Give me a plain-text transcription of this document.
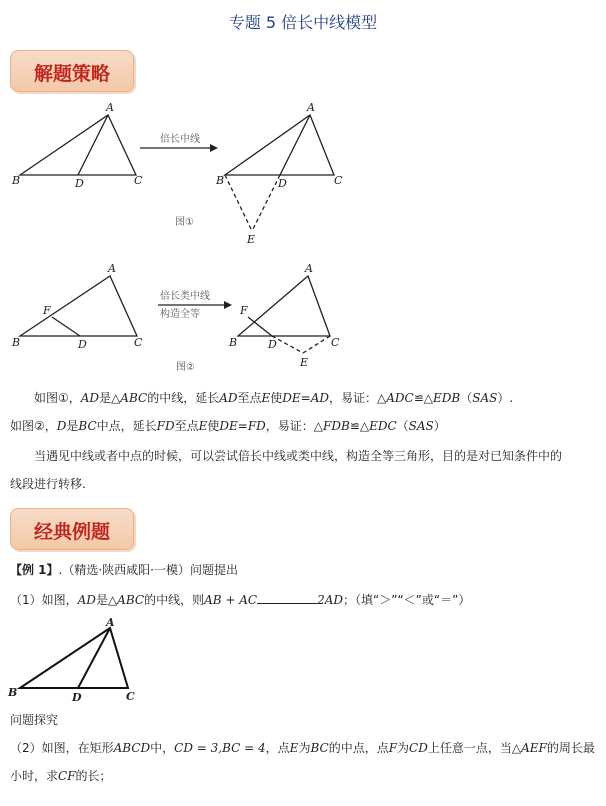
专题 5 倍长中线模型
解题策略
倍长中线
A
B	D	C
A
B	D	C
E
图①
倍长类中线
构造全等
A
F
B	D	C
A
F
B	D	C
E
图②
如图①，AD是△ABC的中线，延长AD至点E使DE=AD，易证：△ADC≌△EDB（SAS）.
如图②，D是BC中点，延长FD至点E使DE=FD，易证：△FDB≌△EDC（SAS）
当遇见中线或者中点的时候，可以尝试倍长中线或类中线，构造全等三角形，目的是对已知条件中的
线段进行转移.
经典例题
【例 1】.（精选·陕西咸阳·一模）问题提出
（1）如图，AD是△ABC的中线，则AB + AC	2AD；（填“＞”“＜”或“＝”）
A
B	D	C
问题探究
（2）如图，在矩形ABCD中，CD = 3,BC = 4，点E为BC的中点，点F为CD上任意一点，当△AEF的周长最
小时，求CF的长；
